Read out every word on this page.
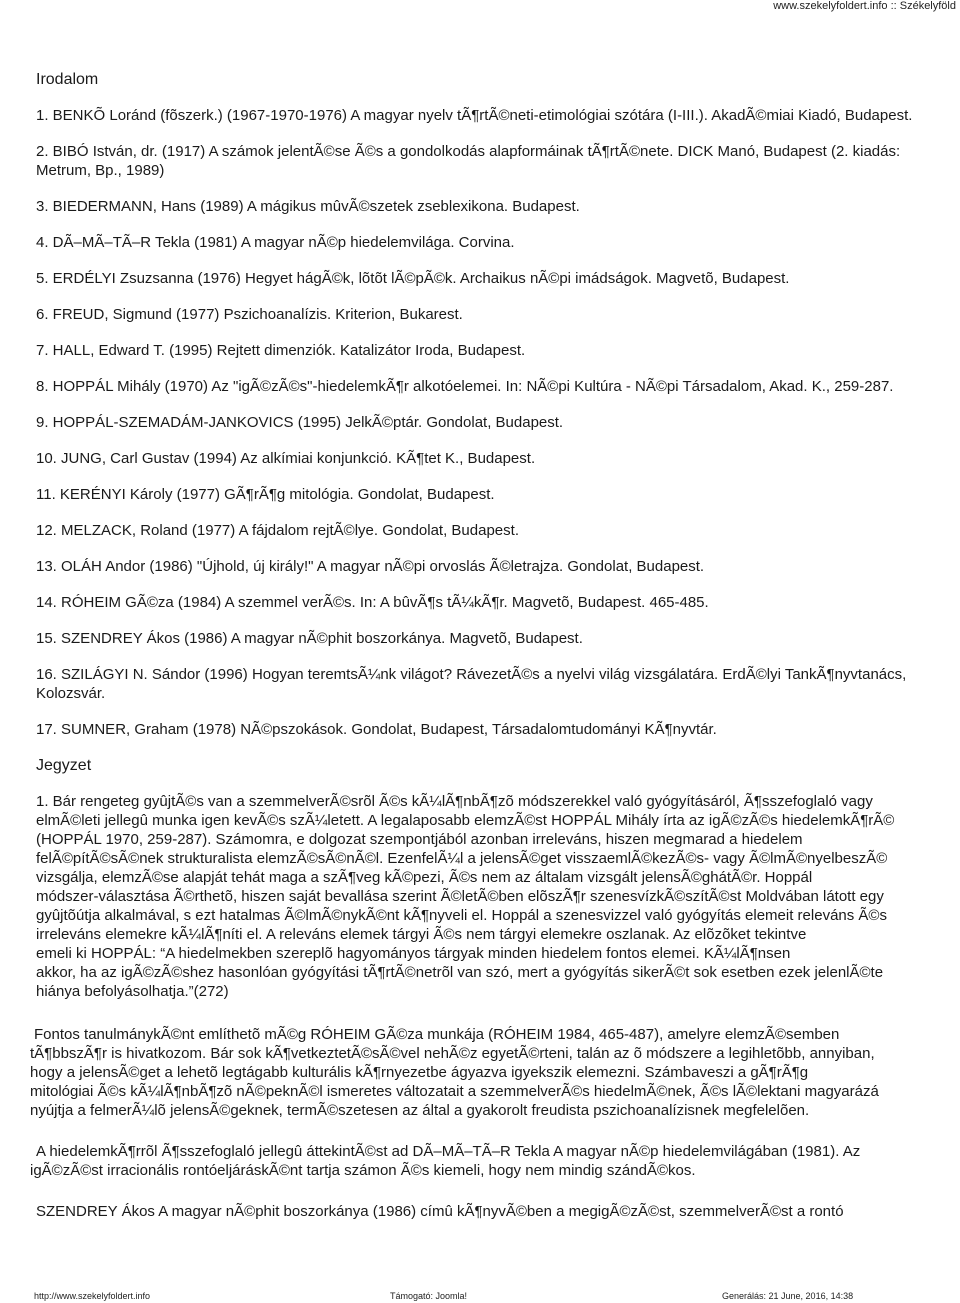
www.szekelyfoldert.info :: Székelyföld
Irodalom
1. BENKÕ Loránd (fõszerk.) (1967-1970-1976) A magyar nyelv tÃ¶rtÃ©neti-etimológiai szótára (I-III.). AkadÃ©miai Kiadó, Budapest.
2. BIBÓ István, dr. (1917) A számok jelentÃ©se Ã©s a gondolkodás alapformáinak tÃ¶rtÃ©nete. DICK Manó, Budapest (2. kiadás: Metrum, Bp., 1989)
3. BIEDERMANN, Hans (1989) A mágikus mûvÃ©szetek zseblexikona. Budapest.
4. DÃ–MÃ–TÃ–R Tekla (1981) A magyar nÃ©p hiedelemvilága. Corvina.
5. ERDÉLYI Zsuzsanna (1976) Hegyet hágÃ©k, lõtõt lÃ©pÃ©k. Archaikus nÃ©pi imádságok. Magvetõ, Budapest.
6. FREUD, Sigmund (1977) Pszichoanalízis. Kriterion, Bukarest.
7. HALL, Edward T. (1995) Rejtett dimenziók. Katalizátor Iroda, Budapest.
8. HOPPÁL Mihály (1970) Az "igÃ©zÃ©s"-hiedelemkÃ¶r alkotóelemei. In: NÃ©pi Kultúra - NÃ©pi Társadalom, Akad. K., 259-287.
9. HOPPÁL-SZEMADÁM-JANKOVICS (1995) JelkÃ©ptár. Gondolat, Budapest.
10. JUNG, Carl Gustav (1994) Az alkímiai konjunkció. KÃ¶tet K., Budapest.
11. KERÉNYI Károly (1977) GÃ¶rÃ¶g mitológia. Gondolat, Budapest.
12. MELZACK, Roland (1977) A fájdalom rejtÃ©lye. Gondolat, Budapest.
13. OLÁH Andor (1986) "Újhold, új király!" A magyar nÃ©pi orvoslás Ã©letrajza. Gondolat, Budapest.
14. RÓHEIM GÃ©za (1984) A szemmel verÃ©s. In: A bûvÃ¶s tÃ¼kÃ¶r. Magvetõ, Budapest. 465-485.
15. SZENDREY Ákos (1986) A magyar nÃ©phit boszorkánya. Magvetõ, Budapest.
16. SZILÁGYI N. Sándor (1996) Hogyan teremtsÃ¼nk világot? RávezetÃ©s a nyelvi világ vizsgálatára. ErdÃ©lyi TankÃ¶nyvtanács, Kolozsvár.
17. SUMNER, Graham (1978) NÃ©pszokások. Gondolat, Budapest, Társadalomtudományi KÃ¶nyvtár.
Jegyzet
1. Bár rengeteg gyûjtÃ©s van a szemmelverÃ©srõl Ã©s kÃ¼lÃ¶nbÃ¶zõ módszerekkel való gyógyításáról, Ã¶sszefoglaló vagy
elmÃ©leti jellegû munka igen kevÃ©s szÃ¼letett. A legalaposabb elemzÃ©st HOPPÁL Mihály írta az igÃ©zÃ©s hiedelemkÃ¶rÃ©
(HOPPÁL 1970, 259-287). Számomra, e dolgozat szempontjából azonban irreleváns, hiszen megmarad a hiedelem
felÃ©pítÃ©sÃ©nek strukturalista elemzÃ©sÃ©nÃ©l. EzenfelÃ¼l a jelensÃ©get visszaemlÃ©kezÃ©s- vagy Ã©lmÃ©nyelbeszÃ©
vizsgálja, elemzÃ©se alapját tehát maga a szÃ¶veg kÃ©pezi, Ã©s nem az általam vizsgált jelensÃ©ghátÃ©r. Hoppál
módszer-választása Ã©rthetõ, hiszen saját bevallása szerint Ã©letÃ©ben elõszÃ¶r szenesvízkÃ©szítÃ©st Moldvában látott egy
gyûjtõútja alkalmával, s ezt hatalmas Ã©lmÃ©nykÃ©nt kÃ¶nyveli el. Hoppál a szenesvizzel való gyógyítás elemeit releváns Ã©s
irreleváns elemekre kÃ¼lÃ¶níti el. A releváns elemek tárgyi Ã©s nem tárgyi elemekre oszlanak. Az elõzõket tekintve
emeli ki HOPPÁL: “A hiedelmekben szereplõ hagyományos tárgyak minden hiedelem fontos elemei. KÃ¼lÃ¶nsen
akkor, ha az igÃ©zÃ©shez hasonlóan gyógyítási tÃ¶rtÃ©netrõl van szó, mert a gyógyítás sikerÃ©t sok esetben ezek jelenlÃ©te
hiánya befolyásolhatja.”(272)
Fontos tanulmánykÃ©nt említhetõ mÃ©g RÓHEIM GÃ©za munkája (RÓHEIM 1984, 465-487), amelyre elemzÃ©semben
tÃ¶bbszÃ¶r is hivatkozom. Bár sok kÃ¶vetkeztetÃ©sÃ©vel nehÃ©z egyetÃ©rteni, talán az õ módszere a legihletõbb, annyiban,
hogy a jelensÃ©get a lehetõ legtágabb kulturális kÃ¶rnyezetbe ágyazva igyekszik elemezni. Számbaveszi a gÃ¶rÃ¶g
mitológiai Ã©s kÃ¼lÃ¶nbÃ¶zõ nÃ©peknÃ©l ismeretes változatait a szemmelverÃ©s hiedelmÃ©nek, Ã©s lÃ©lektani magyarázá
nyújtja a felmerÃ¼lõ jelensÃ©geknek, termÃ©szetesen az által a gyakorolt freudista pszichoanalízisnek megfelelõen.
A hiedelemkÃ¶rrõl Ã¶sszefoglaló jellegû áttekintÃ©st ad DÃ–MÃ–TÃ–R Tekla A magyar nÃ©p hiedelemvilágában (1981). Az
igÃ©zÃ©st irracionális rontóeljáráskÃ©nt tartja számon Ã©s kiemeli, hogy nem mindig szándÃ©kos.
SZENDREY Ákos A magyar nÃ©phit boszorkánya (1986) címû kÃ¶nyvÃ©ben a megigÃ©zÃ©st, szemmelverÃ©st a rontó
http://www.szekelyfoldert.info	Támogató: Joomla!	Generálás: 21 June, 2016, 14:38
